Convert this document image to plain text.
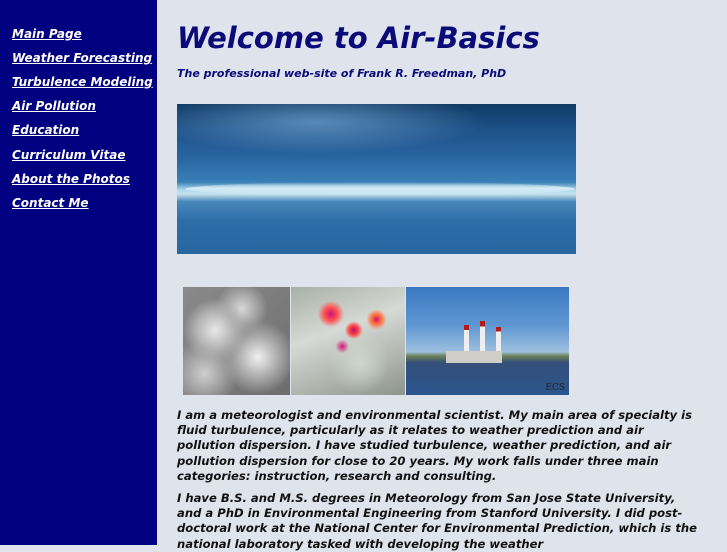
Main Page
Weather Forecasting
Turbulence Modeling
Air Pollution
Education
Curriculum Vitae
About the Photos
Contact Me
Welcome to Air-Basics
The professional web-site of Frank R. Freedman, PhD
ECS

I am a meteorologist and environmental scientist. My main area of specialty is fluid turbulence, particularly as it relates to weather prediction and air pollution dispersion. I have studied turbulence, weather prediction, and air pollution dispersion for close to 20 years. My work falls under three main categories: instruction, research and consulting.

I have B.S. and M.S. degrees in Meteorology from San Jose State University, and a PhD in Environmental Engineering from Stanford University. I did post-doctoral work at the National Center for Environmental Prediction, which is the national laboratory tasked with developing the weather
